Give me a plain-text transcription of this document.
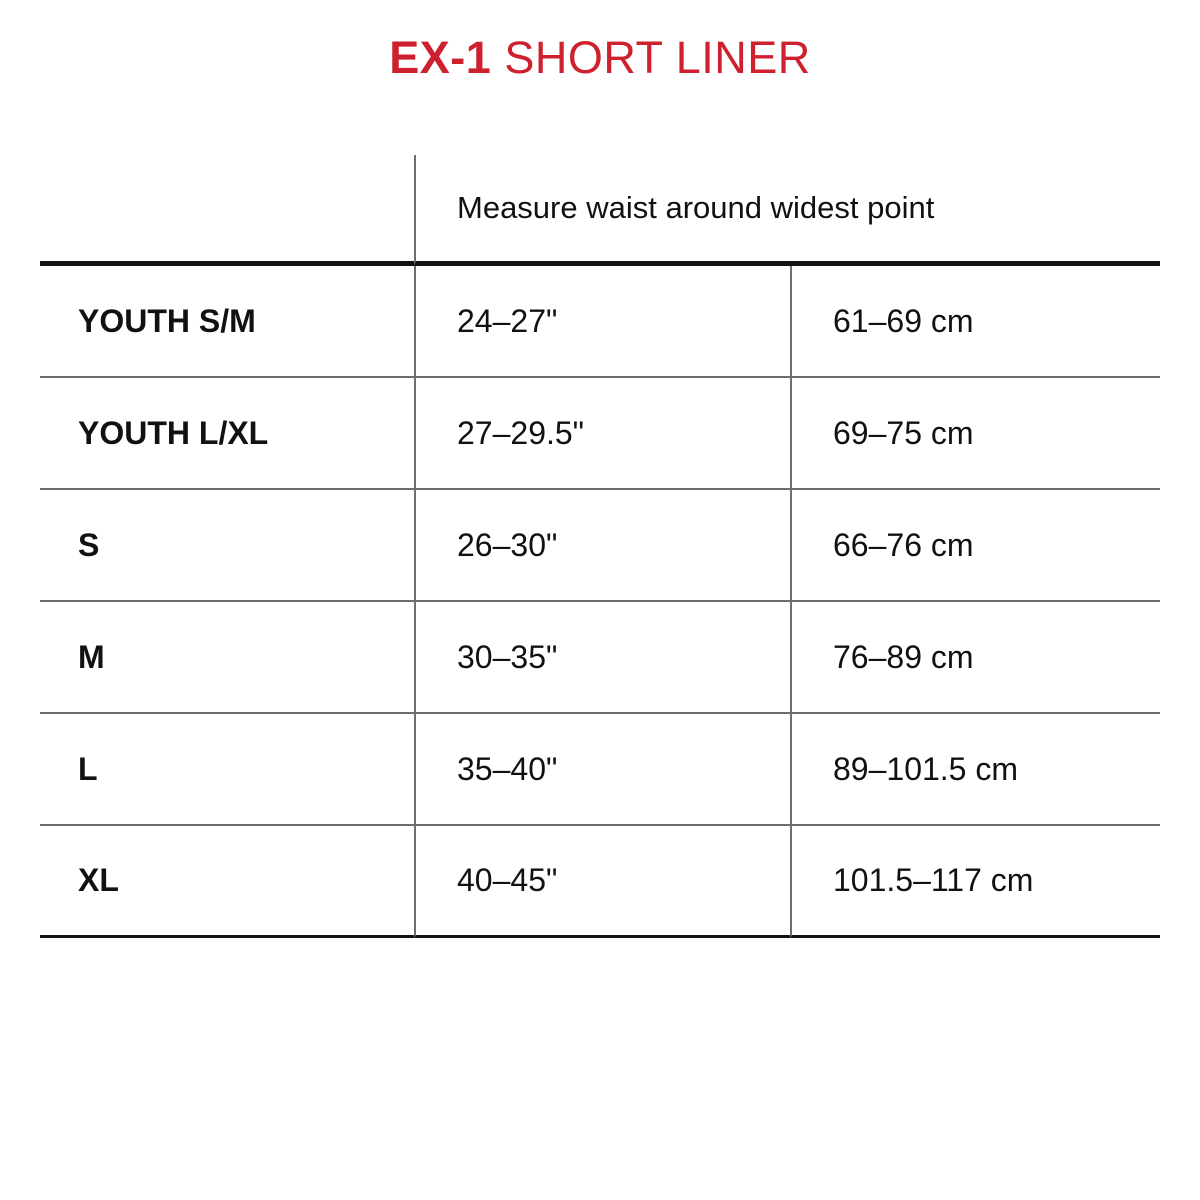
EX-1 SHORT LINER
Measure waist around widest point
YOUTH S/M	24–27"	61–69 cm
YOUTH L/XL	27–29.5"	69–75 cm
S	26–30"	66–76 cm
M	30–35"	76–89 cm
L	35–40"	89–101.5 cm
XL	40–45"	101.5–117 cm
